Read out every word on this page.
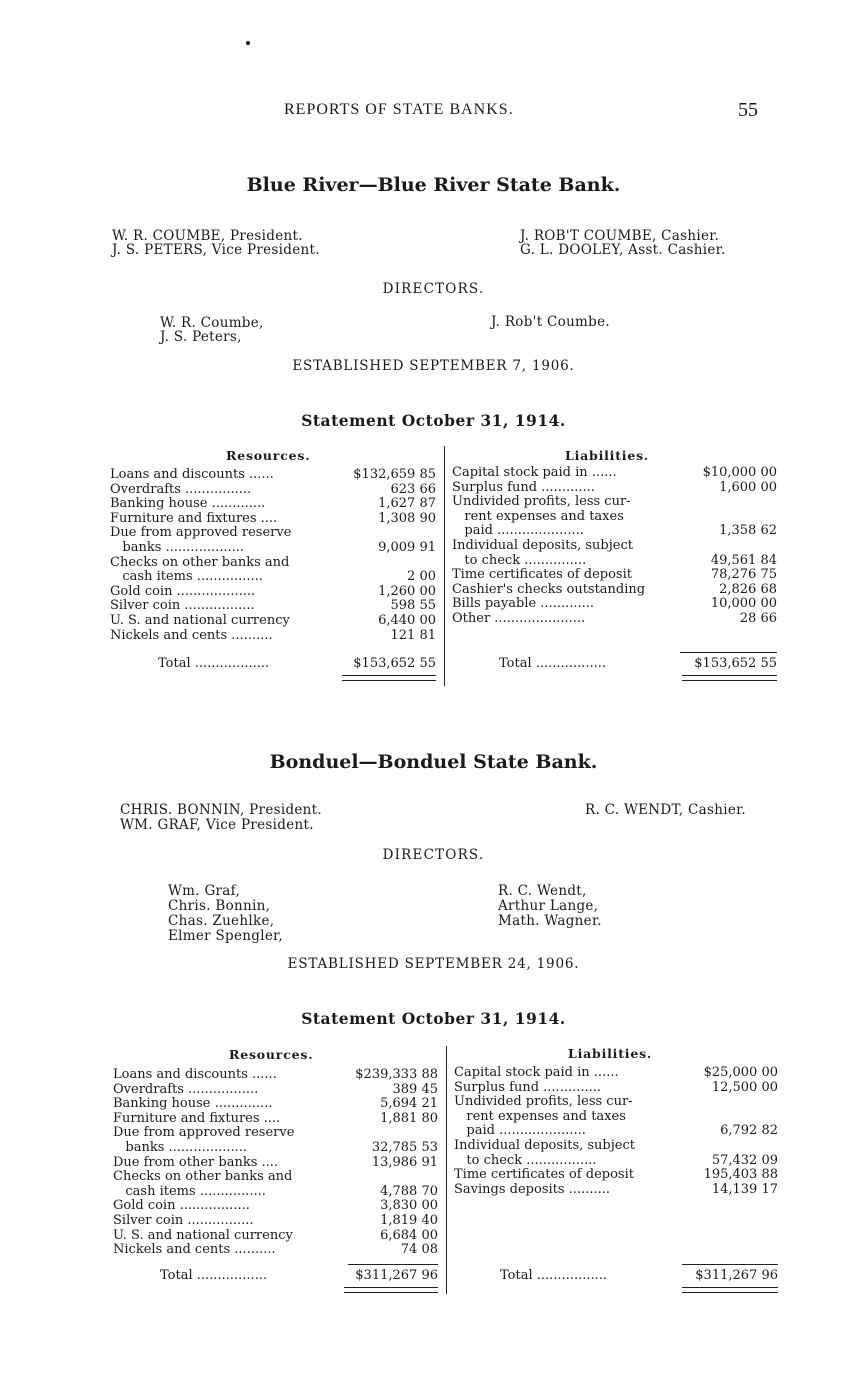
REPORTS OF STATE BANKS.	55
Blue River—Blue River State Bank.
W. R. COUMBE, President.
J. S. PETERS, Vice President.
J. ROB'T COUMBE, Cashier.
G. L. DOOLEY, Asst. Cashier.
DIRECTORS.
W. R. Coumbe,
J. S. Peters,
J. Rob't Coumbe.
ESTABLISHED SEPTEMBER 7, 1906.
Statement October 31, 1914.
Resources.	Liabilities.
Loans and discounts ......	$132,659 85
Overdrafts ................	623 66
Banking house .............	1,627 87
Furniture and fixtures ....	1,308 90
Due from approved reserve
banks ...................	9,009 91
Checks on other banks and
cash items ................	2 00
Gold coin ...................	1,260 00
Silver coin .................	598 55
U. S. and national currency	6,440 00
Nickels and cents ..........	121 81
Capital stock paid in ......	$10,000 00
Surplus fund .............	1,600 00
Undivided profits, less cur-
rent expenses and taxes
paid .....................	1,358 62
Individual deposits, subject
to check ...............	49,561 84
Time certificates of deposit	78,276 75
Cashier's checks outstanding	2,826 68
Bills payable .............	10,000 00
Other ......................	28 66
Total ..................	$153,652 55	Total .................	$153,652 55
Bonduel—Bonduel State Bank.
CHRIS. BONNIN, President.
WM. GRAF, Vice President.
R. C. WENDT, Cashier.
DIRECTORS.
Wm. Graf,
Chris. Bonnin,
Chas. Zuehlke,
Elmer Spengler,
R. C. Wendt,
Arthur Lange,
Math. Wagner.
ESTABLISHED SEPTEMBER 24, 1906.
Statement October 31, 1914.
Resources.	Liabilities.
Loans and discounts ......	$239,333 88
Overdrafts .................	389 45
Banking house ..............	5,694 21
Furniture and fixtures ....	1,881 80
Due from approved reserve
banks ...................	32,785 53
Due from other banks ....	13,986 91
Checks on other banks and
cash items ................	4,788 70
Gold coin .................	3,830 00
Silver coin ................	1,819 40
U. S. and national currency	6,684 00
Nickels and cents ..........	74 08
Capital stock paid in ......	$25,000 00
Surplus fund ..............	12,500 00
Undivided profits, less cur-
rent expenses and taxes
paid .....................	6,792 82
Individual deposits, subject
to check .................	57,432 09
Time certificates of deposit	195,403 88
Savings deposits ..........	14,139 17
Total .................	$311,267 96	Total .................	$311,267 96
